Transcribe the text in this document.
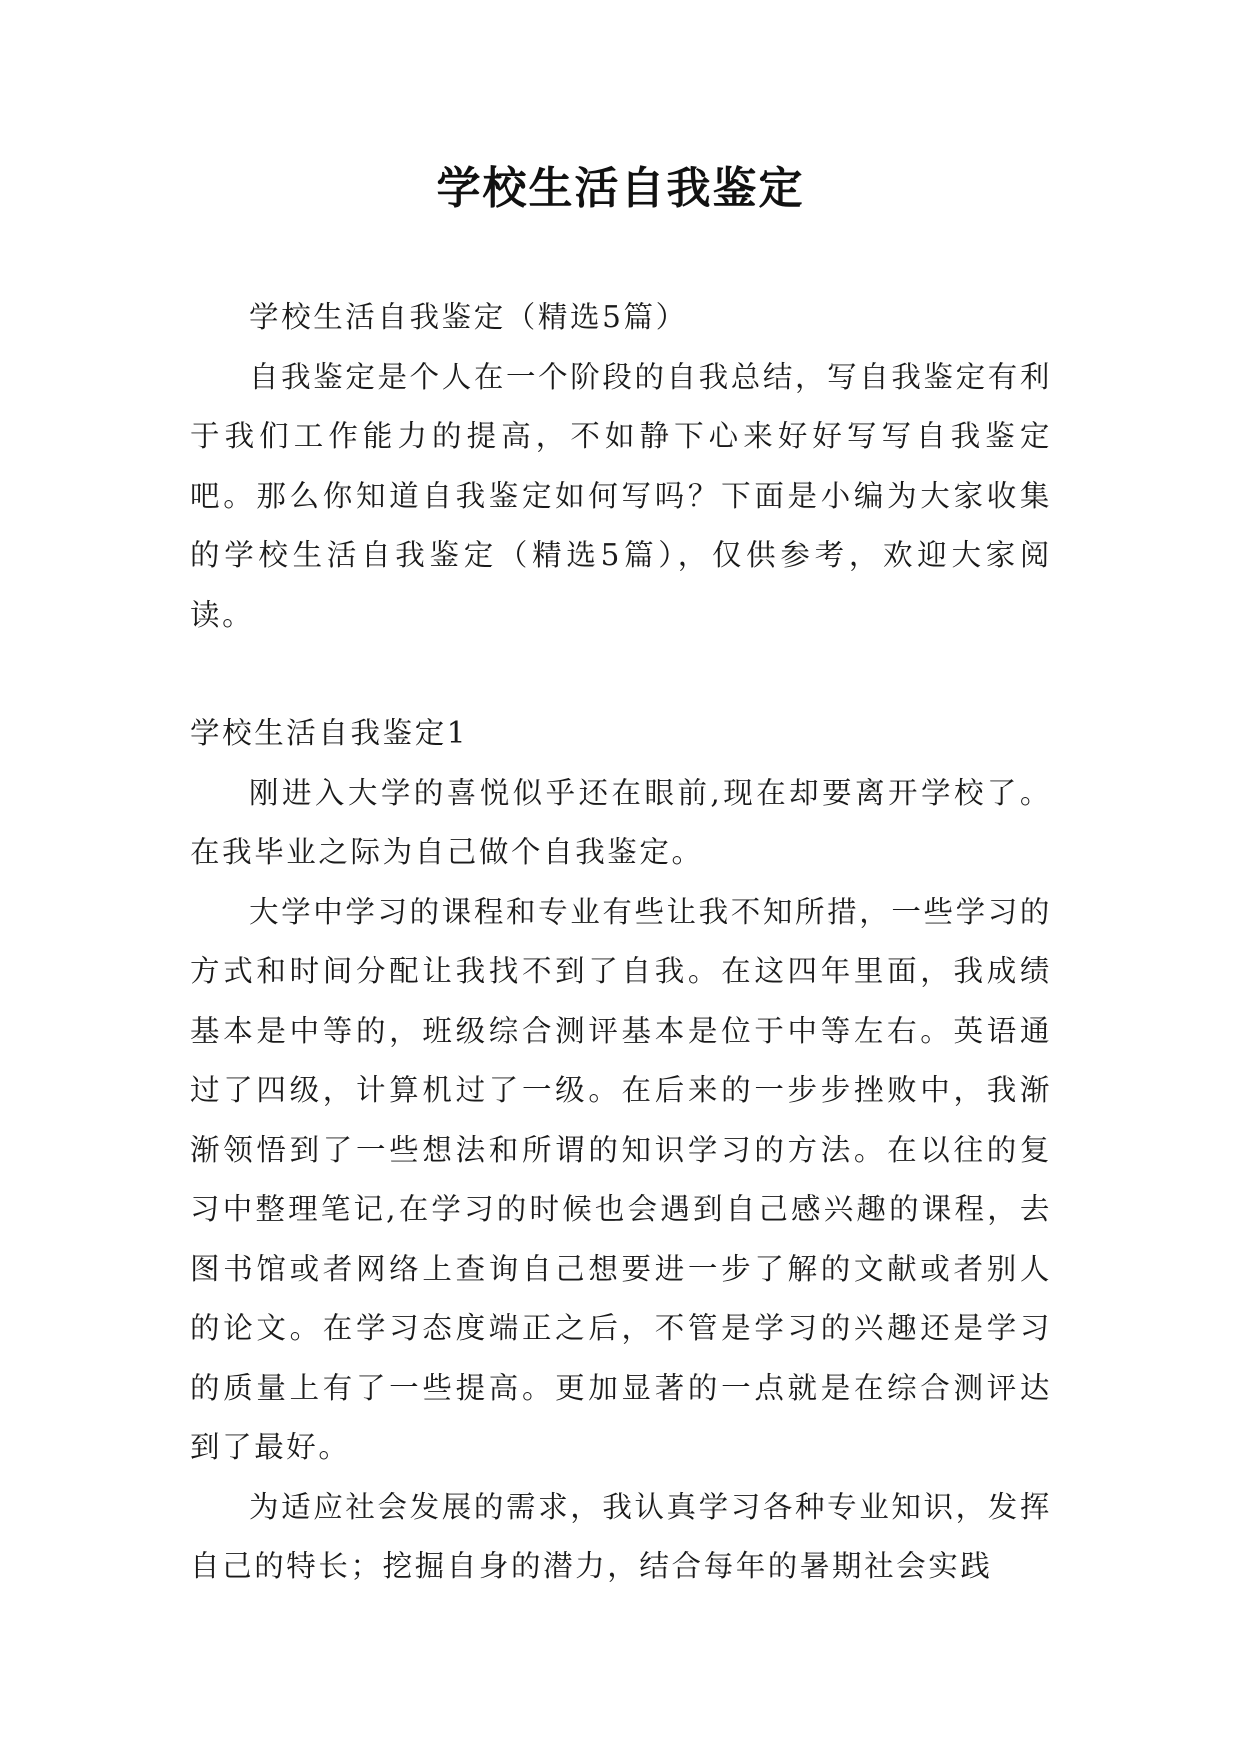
学校生活自我鉴定

学校生活自我鉴定（精选5篇）

自我鉴定是个人在一个阶段的自我总结，写自我鉴定有利于我们工作能力的提高，不如静下心来好好写写自我鉴定吧。那么你知道自我鉴定如何写吗？下面是小编为大家收集的学校生活自我鉴定（精选5篇），仅供参考，欢迎大家阅读。

学校生活自我鉴定1

刚进入大学的喜悦似乎还在眼前,现在却要离开学校了。在我毕业之际为自己做个自我鉴定。

大学中学习的课程和专业有些让我不知所措，一些学习的方式和时间分配让我找不到了自我。在这四年里面，我成绩基本是中等的，班级综合测评基本是位于中等左右。英语通过了四级，计算机过了一级。在后来的一步步挫败中，我渐渐领悟到了一些想法和所谓的知识学习的方法。在以往的复习中整理笔记,在学习的时候也会遇到自己感兴趣的课程，去图书馆或者网络上查询自己想要进一步了解的文献或者别人的论文。在学习态度端正之后，不管是学习的兴趣还是学习的质量上有了一些提高。更加显著的一点就是在综合测评达到了最好。

为适应社会发展的需求，我认真学习各种专业知识，发挥自己的特长；挖掘自身的潜力，结合每年的暑期社会实践
